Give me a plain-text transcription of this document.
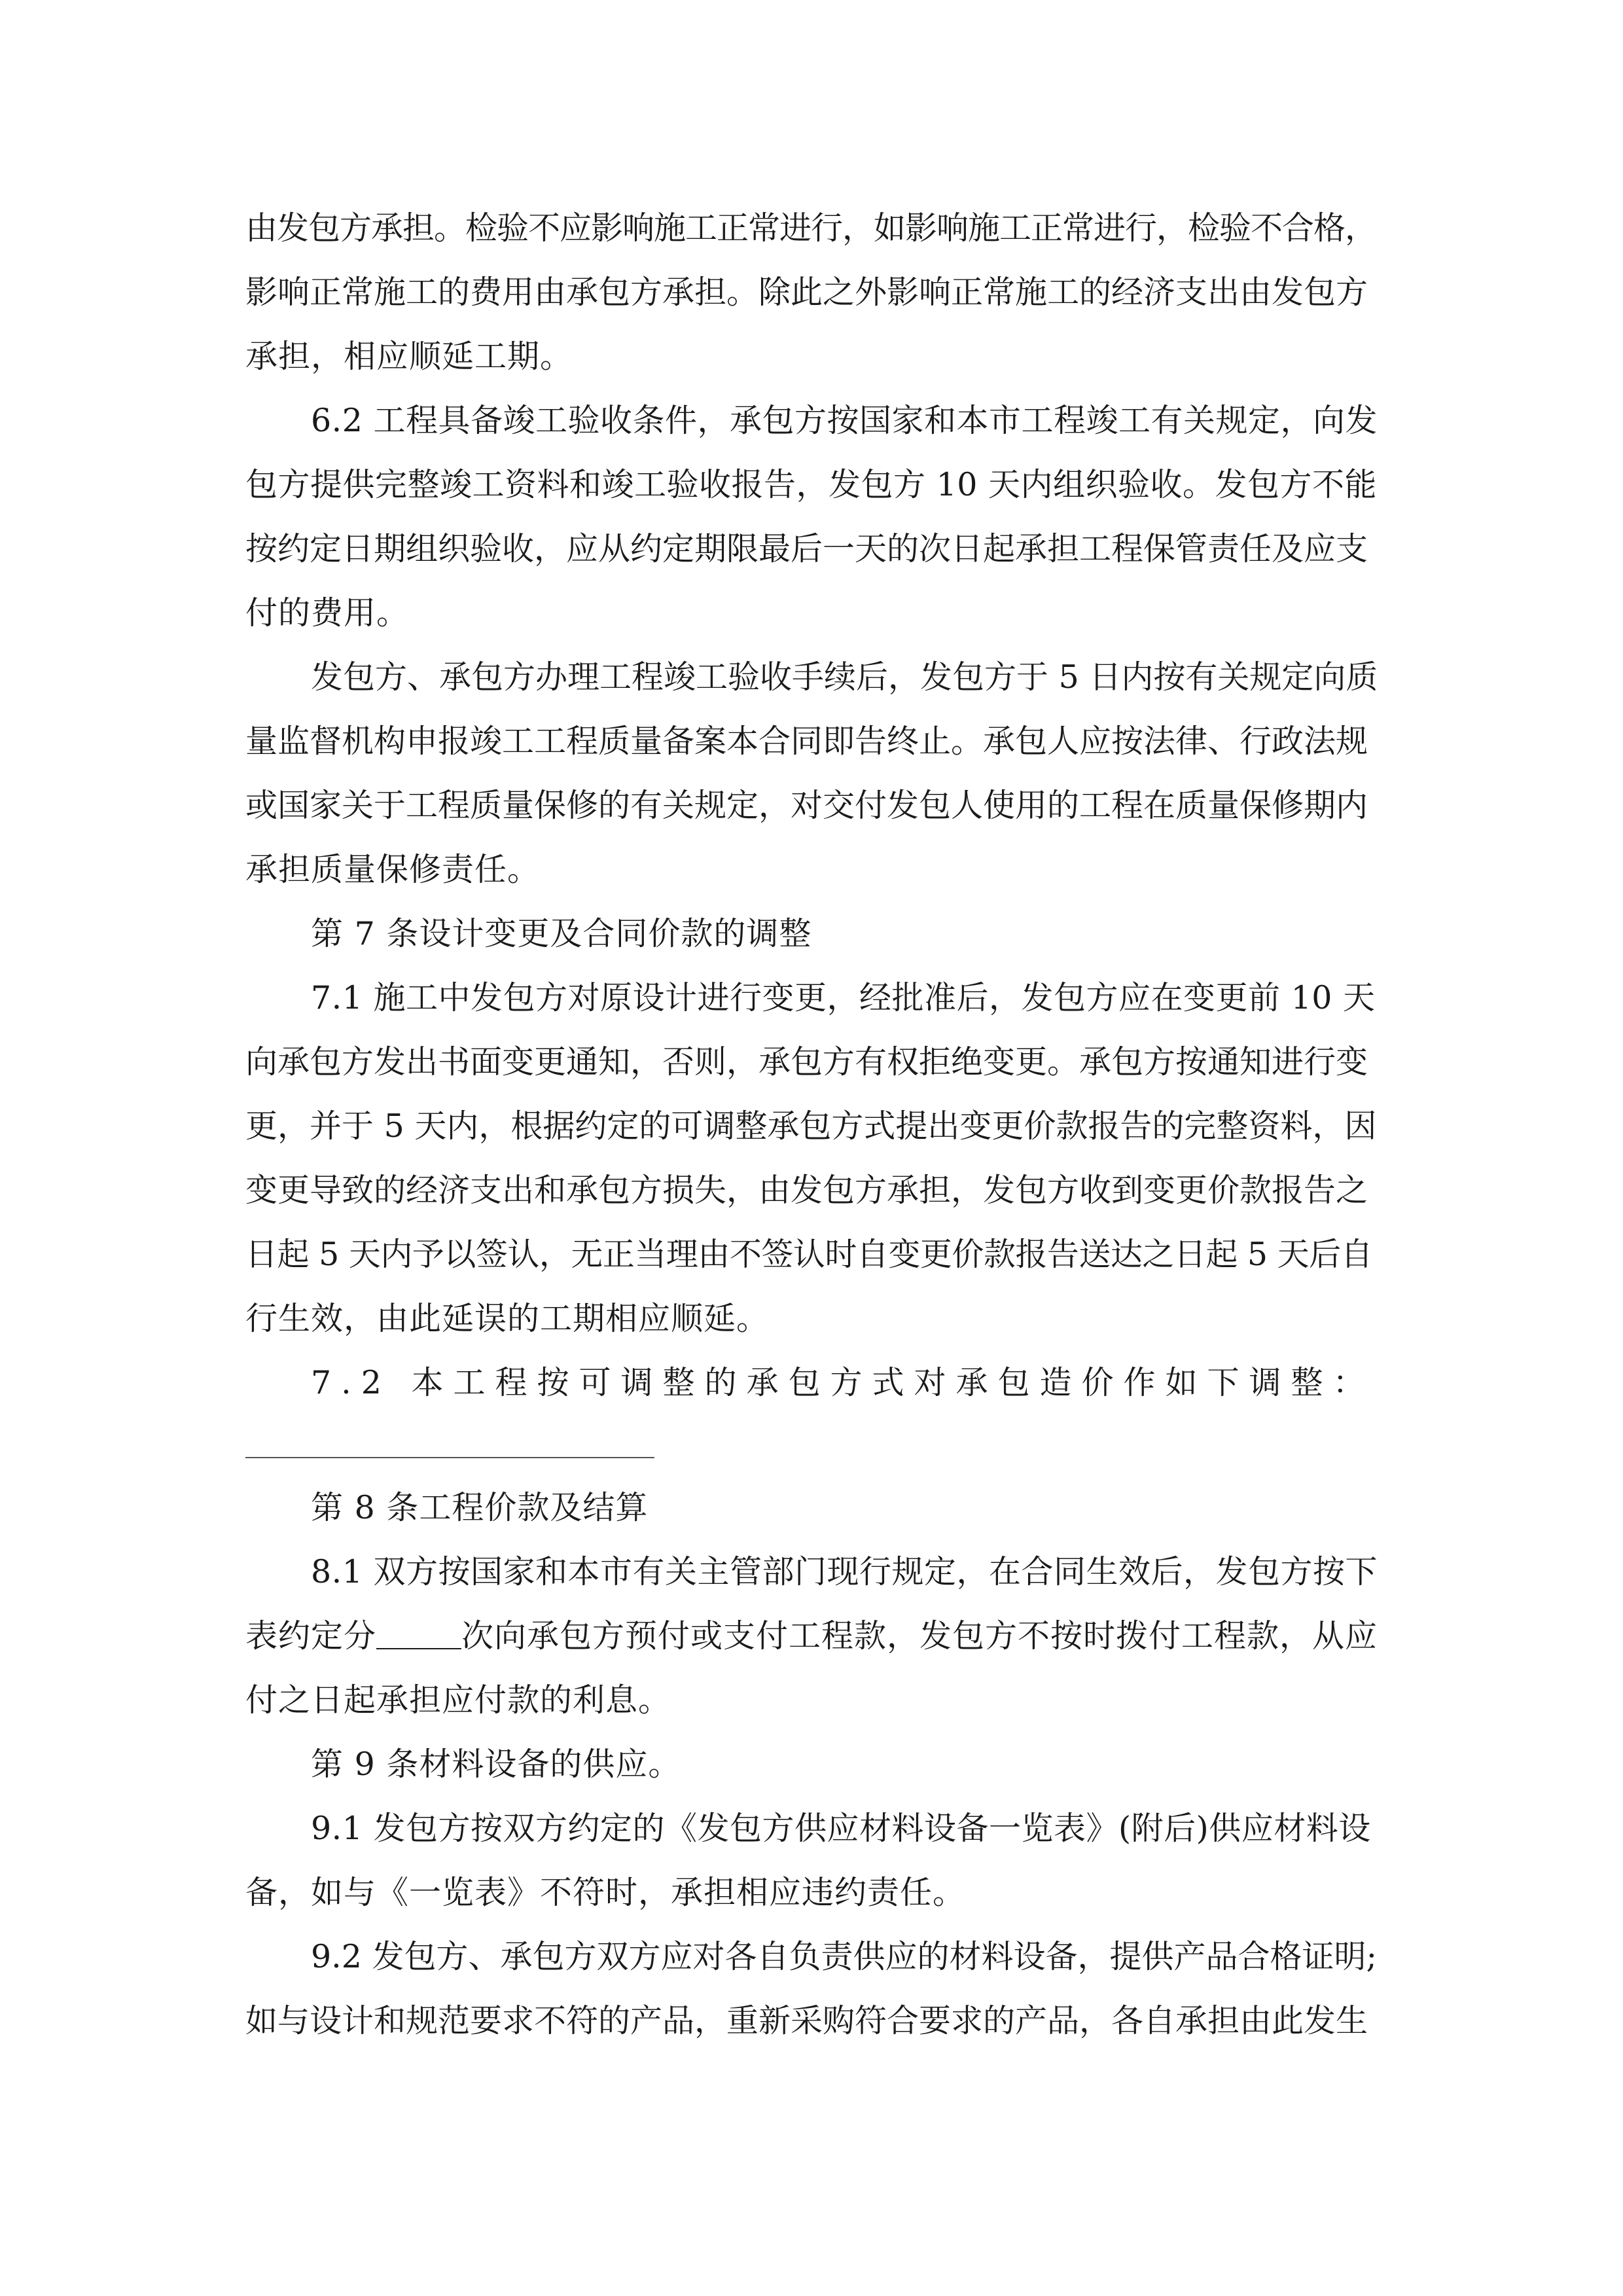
由发包方承担。检验不应影响施工正常进行，如影响施工正常进行，检验不合格，
影响正常施工的费用由承包方承担。除此之外影响正常施工的经济支出由发包方
承担，相应顺延工期。
6.2 工程具备竣工验收条件，承包方按国家和本市工程竣工有关规定，向发
包方提供完整竣工资料和竣工验收报告，发包方 10 天内组织验收。发包方不能
按约定日期组织验收，应从约定期限最后一天的次日起承担工程保管责任及应支
付的费用。
发包方、承包方办理工程竣工验收手续后，发包方于 5 日内按有关规定向质
量监督机构申报竣工工程质量备案本合同即告终止。承包人应按法律、行政法规
或国家关于工程质量保修的有关规定，对交付发包人使用的工程在质量保修期内
承担质量保修责任。
第 7 条设计变更及合同价款的调整
7.1 施工中发包方对原设计进行变更，经批准后，发包方应在变更前 10 天
向承包方发出书面变更通知，否则，承包方有权拒绝变更。承包方按通知进行变
更，并于 5 天内，根据约定的可调整承包方式提出变更价款报告的完整资料，因
变更导致的经济支出和承包方损失，由发包方承担，发包方收到变更价款报告之
日起 5 天内予以签认，无正当理由不签认时自变更价款报告送达之日起 5 天后自
行生效，由此延误的工期相应顺延。
7.2 本工程按可调整的承包方式对承包造价作如下调整：
第 8 条工程价款及结算
8.1 双方按国家和本市有关主管部门现行规定，在合同生效后，发包方按下
表约定分	次向承包方预付或支付工程款，发包方不按时拨付工程款，从应
付之日起承担应付款的利息。
第 9 条材料设备的供应。
9.1 发包方按双方约定的《发包方供应材料设备一览表》(附后)供应材料设
备，如与《一览表》不符时，承担相应违约责任。
9.2 发包方、承包方双方应对各自负责供应的材料设备，提供产品合格证明;
如与设计和规范要求不符的产品，重新采购符合要求的产品，各自承担由此发生
